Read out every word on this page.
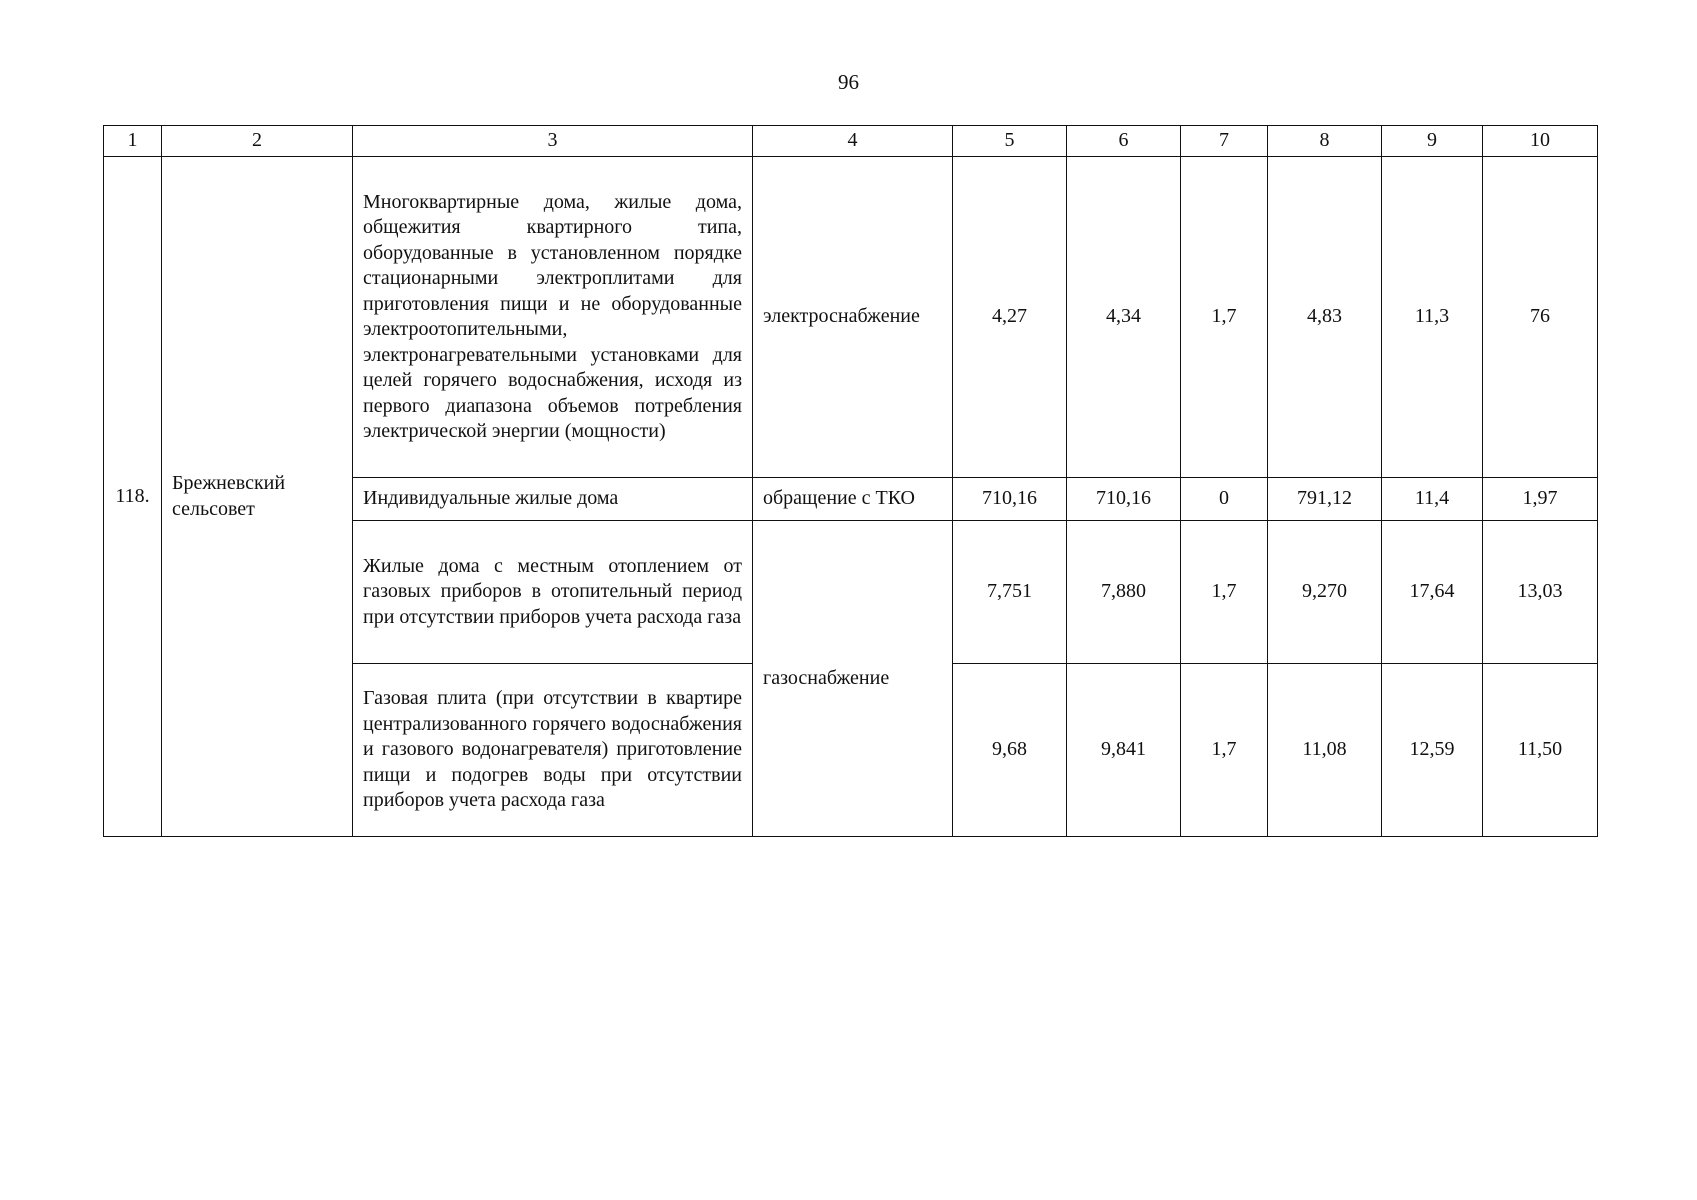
96
1	2	3	4	5	6	7	8	9	10
118.	Брежневский сельсовет	Многоквартирные дома, жилые дома, общежития квартирного типа, оборудованные в установленном порядке стационарными электроплитами для приготовления пищи и не оборудованные электроотопительными, электронагревательными установками для целей горячего водоснабжения, исходя из первого диапазона объемов потребления электрической энергии (мощности)	электроснабжение	4,27	4,34	1,7	4,83	11,3	76
		Индивидуальные жилые дома	обращение с ТКО	710,16	710,16	0	791,12	11,4	1,97
		Жилые дома с местным отоплением от газовых приборов в отопительный период при отсутствии приборов учета расхода газа	газоснабжение	7,751	7,880	1,7	9,270	17,64	13,03
		Газовая плита (при отсутствии в квартире централизованного горячего водоснабжения и газового водонагревателя) приготовление пищи и подогрев воды при отсутствии приборов учета расхода газа		9,68	9,841	1,7	11,08	12,59	11,50
